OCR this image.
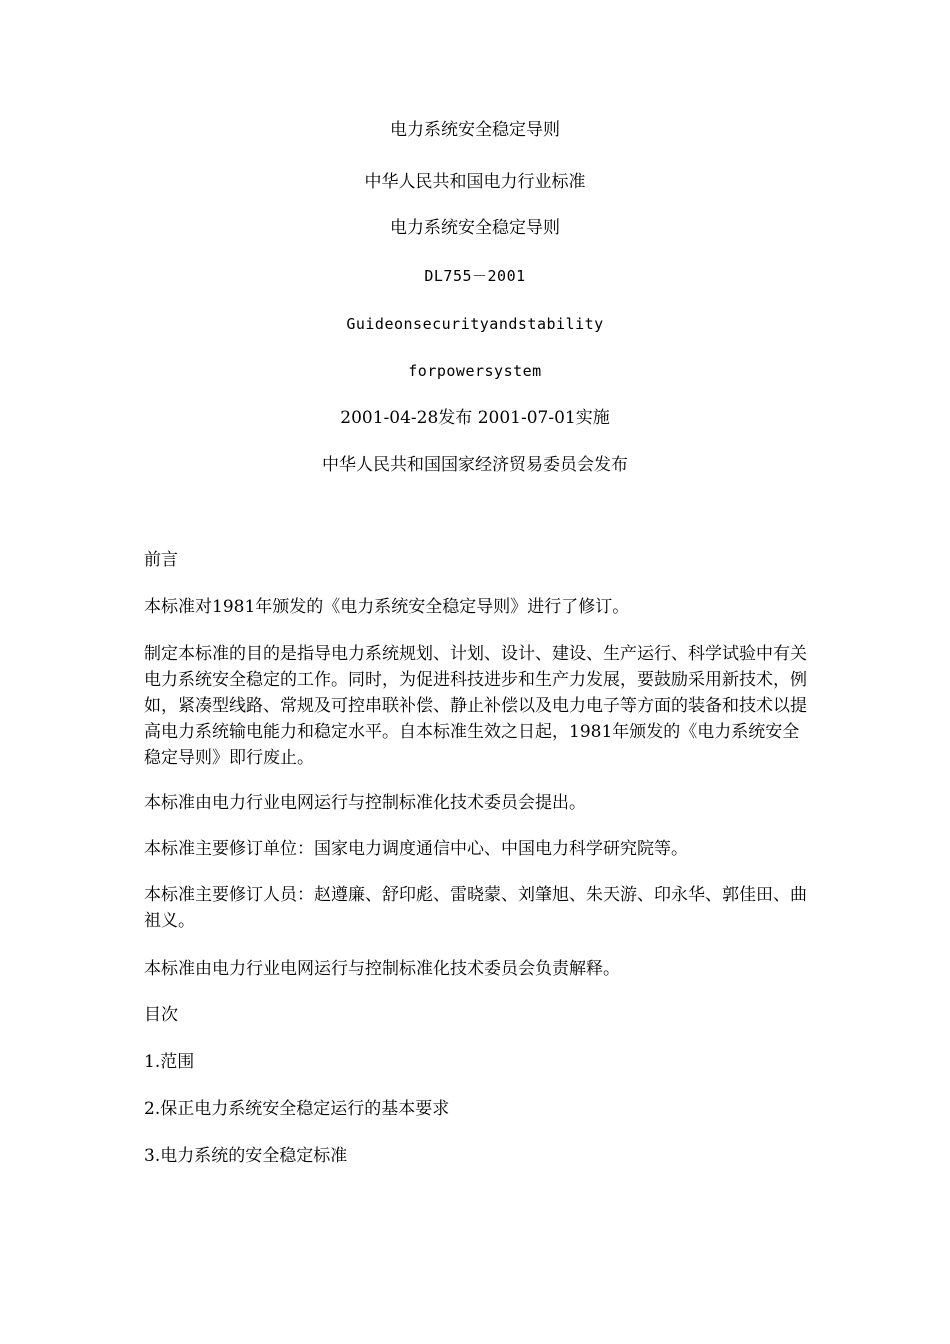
电力系统安全稳定导则
中华人民共和国电力行业标准
电力系统安全稳定导则
DL755－2001
Guideonsecurityandstability
forpowersystem
2001-04-28发布 2001-07-01实施
中华人民共和国国家经济贸易委员会发布
前言
本标准对1981年颁发的《电力系统安全稳定导则》进行了修订。
制定本标准的目的是指导电力系统规划、计划、设计、建设、生产运行、科学试验中有关电力系统安全稳定的工作。同时，为促进科技进步和生产力发展，要鼓励采用新技术，例如，紧凑型线路、常规及可控串联补偿、静止补偿以及电力电子等方面的装备和技术以提高电力系统输电能力和稳定水平。自本标准生效之日起，1981年颁发的《电力系统安全稳定导则》即行废止。
本标准由电力行业电网运行与控制标准化技术委员会提出。
本标准主要修订单位：国家电力调度通信中心、中国电力科学研究院等。
本标准主要修订人员：赵遵廉、舒印彪、雷晓蒙、刘肇旭、朱天游、印永华、郭佳田、曲祖义。
本标准由电力行业电网运行与控制标准化技术委员会负责解释。
目次
1.范围
2.保正电力系统安全稳定运行的基本要求
3.电力系统的安全稳定标准
